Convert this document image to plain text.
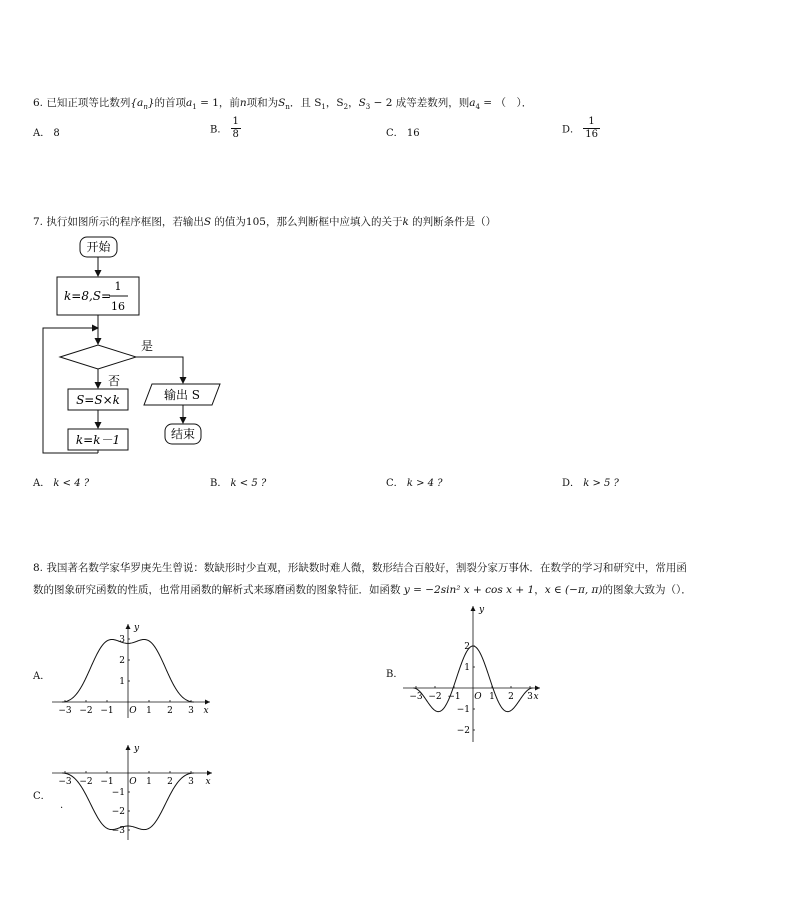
6. 已知正项等比数列$\{a_n\}$的首项$a_1 = 1$，前n项和为$S_n$．且 $S_1$，$S_2$，$S_3 - 2$ 成等差数列，则$a_4$ = （　）．
A． 8	B． $\frac{1}{8}$	C． 16	D． $\frac{1}{16}$
7. 执行如图所示的程序框图，若输出S 的值为105，那么判断框中应填入的关于k 的判断条件是（）
开始
k=8,S=
1
16
是
否
S=S×k
k=k－1
输出 S
结束
A． k < 4 ?	B． k < 5 ?	C． k > 4 ?	D． k > 5 ?
8. 我国著名数学家华罗庚先生曾说：数缺形时少直观，形缺数时难人微，数形结合百般好，割裂分家万事休．在数学的学习和研究中，常用函
数的图象研究函数的性质，也常用函数的解析式来琢磨函数的图象特征．如函数 y = −2sin² x + cos x + 1，x ∈ (−π, π)的图象大致为（）．
A．	B．
C．
.
x
y
−3 −2 −1 O 1 2 3
3
2
1
x
y
−3 −2 −1 O 1 2 3
2
1
−1
−2
x
y
−3 −2 −1 O 1 2 3
−1
−2
−3
